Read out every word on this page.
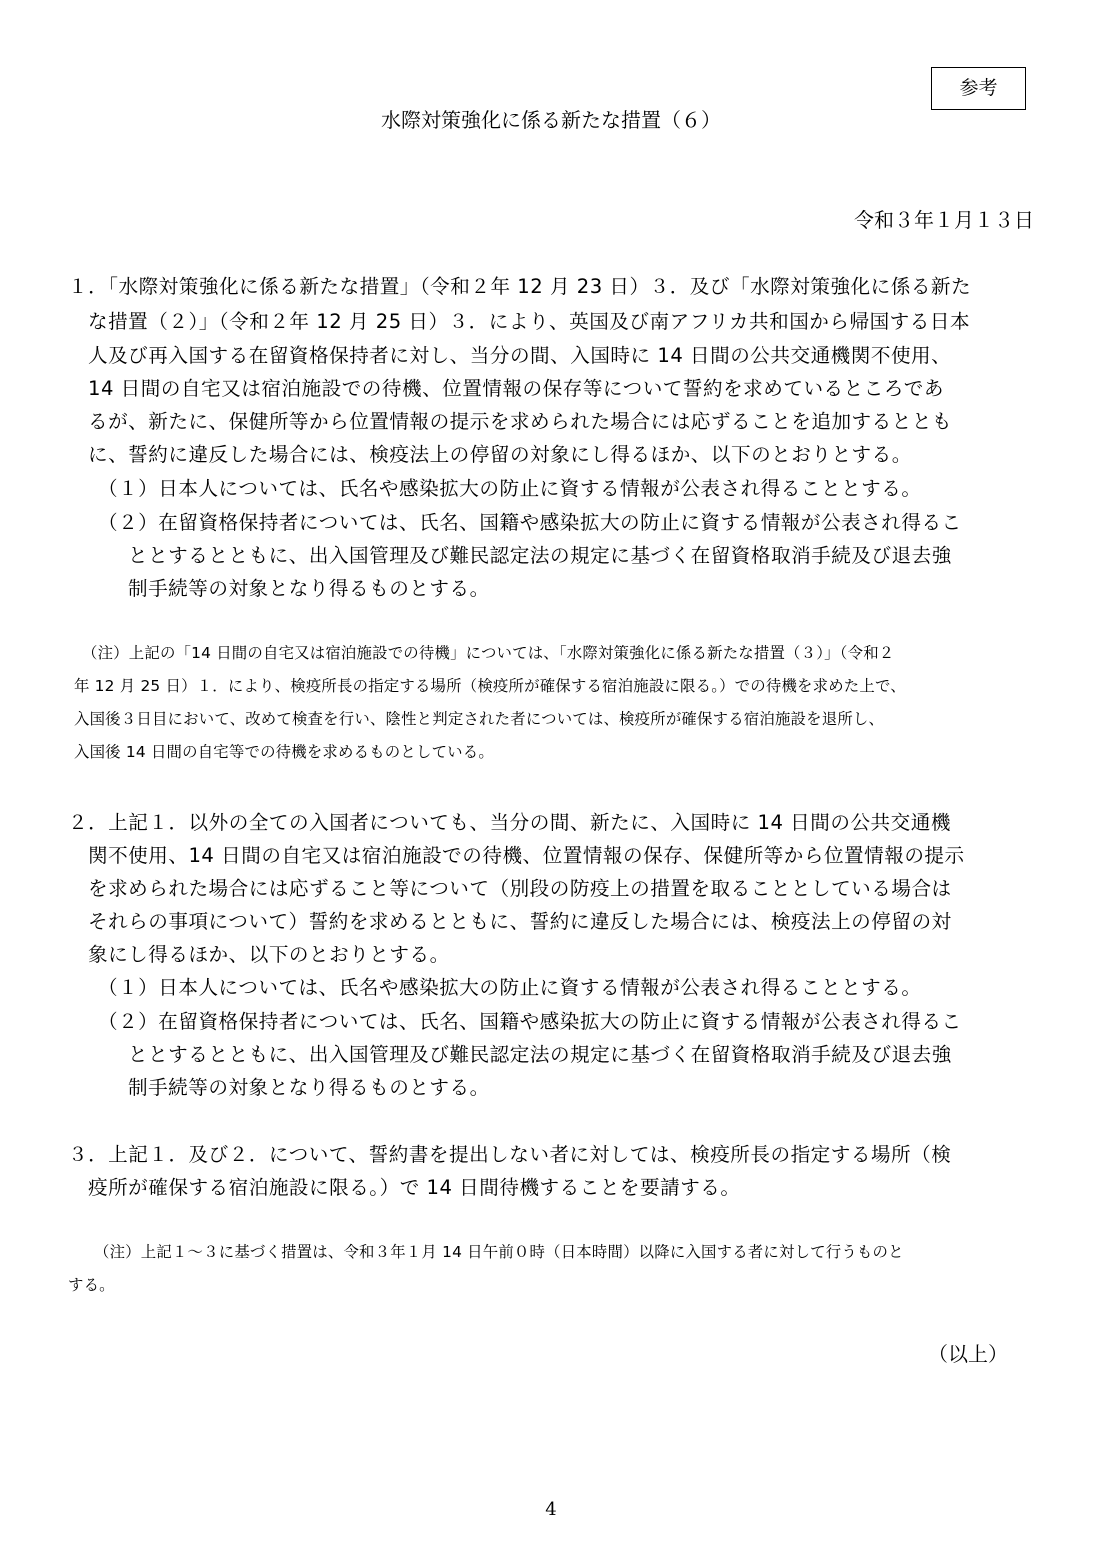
参考
水際対策強化に係る新たな措置（６）
令和３年１月１３日
１．「水際対策強化に係る新たな措置」（令和２年 12 月 23 日）３．及び「水際対策強化に係る新た
な措置（２）」（令和２年 12 月 25 日）３．により、英国及び南アフリカ共和国から帰国する日本
人及び再入国する在留資格保持者に対し、当分の間、入国時に 14 日間の公共交通機関不使用、
14 日間の自宅又は宿泊施設での待機、位置情報の保存等について誓約を求めているところであ
るが、新たに、保健所等から位置情報の提示を求められた場合には応ずることを追加するととも
に、誓約に違反した場合には、検疫法上の停留の対象にし得るほか、以下のとおりとする。
（１）日本人については、氏名や感染拡大の防止に資する情報が公表され得ることとする。
（２）在留資格保持者については、氏名、国籍や感染拡大の防止に資する情報が公表され得るこ
ととするとともに、出入国管理及び難民認定法の規定に基づく在留資格取消手続及び退去強
制手続等の対象となり得るものとする。
（注）上記の「14 日間の自宅又は宿泊施設での待機」については、「水際対策強化に係る新たな措置（３）」（令和２
年 12 月 25 日）１．により、検疫所長の指定する場所（検疫所が確保する宿泊施設に限る。）での待機を求めた上で、
入国後３日目において、改めて検査を行い、陰性と判定された者については、検疫所が確保する宿泊施設を退所し、
入国後 14 日間の自宅等での待機を求めるものとしている。
２．上記１．以外の全ての入国者についても、当分の間、新たに、入国時に 14 日間の公共交通機
関不使用、14 日間の自宅又は宿泊施設での待機、位置情報の保存、保健所等から位置情報の提示
を求められた場合には応ずること等について（別段の防疫上の措置を取ることとしている場合は
それらの事項について）誓約を求めるとともに、誓約に違反した場合には、検疫法上の停留の対
象にし得るほか、以下のとおりとする。
（１）日本人については、氏名や感染拡大の防止に資する情報が公表され得ることとする。
（２）在留資格保持者については、氏名、国籍や感染拡大の防止に資する情報が公表され得るこ
ととするとともに、出入国管理及び難民認定法の規定に基づく在留資格取消手続及び退去強
制手続等の対象となり得るものとする。
３．上記１．及び２．について、誓約書を提出しない者に対しては、検疫所長の指定する場所（検
疫所が確保する宿泊施設に限る。）で 14 日間待機することを要請する。
（注）上記１～３に基づく措置は、令和３年１月 14 日午前０時（日本時間）以降に入国する者に対して行うものと
する。
（以上）
4
